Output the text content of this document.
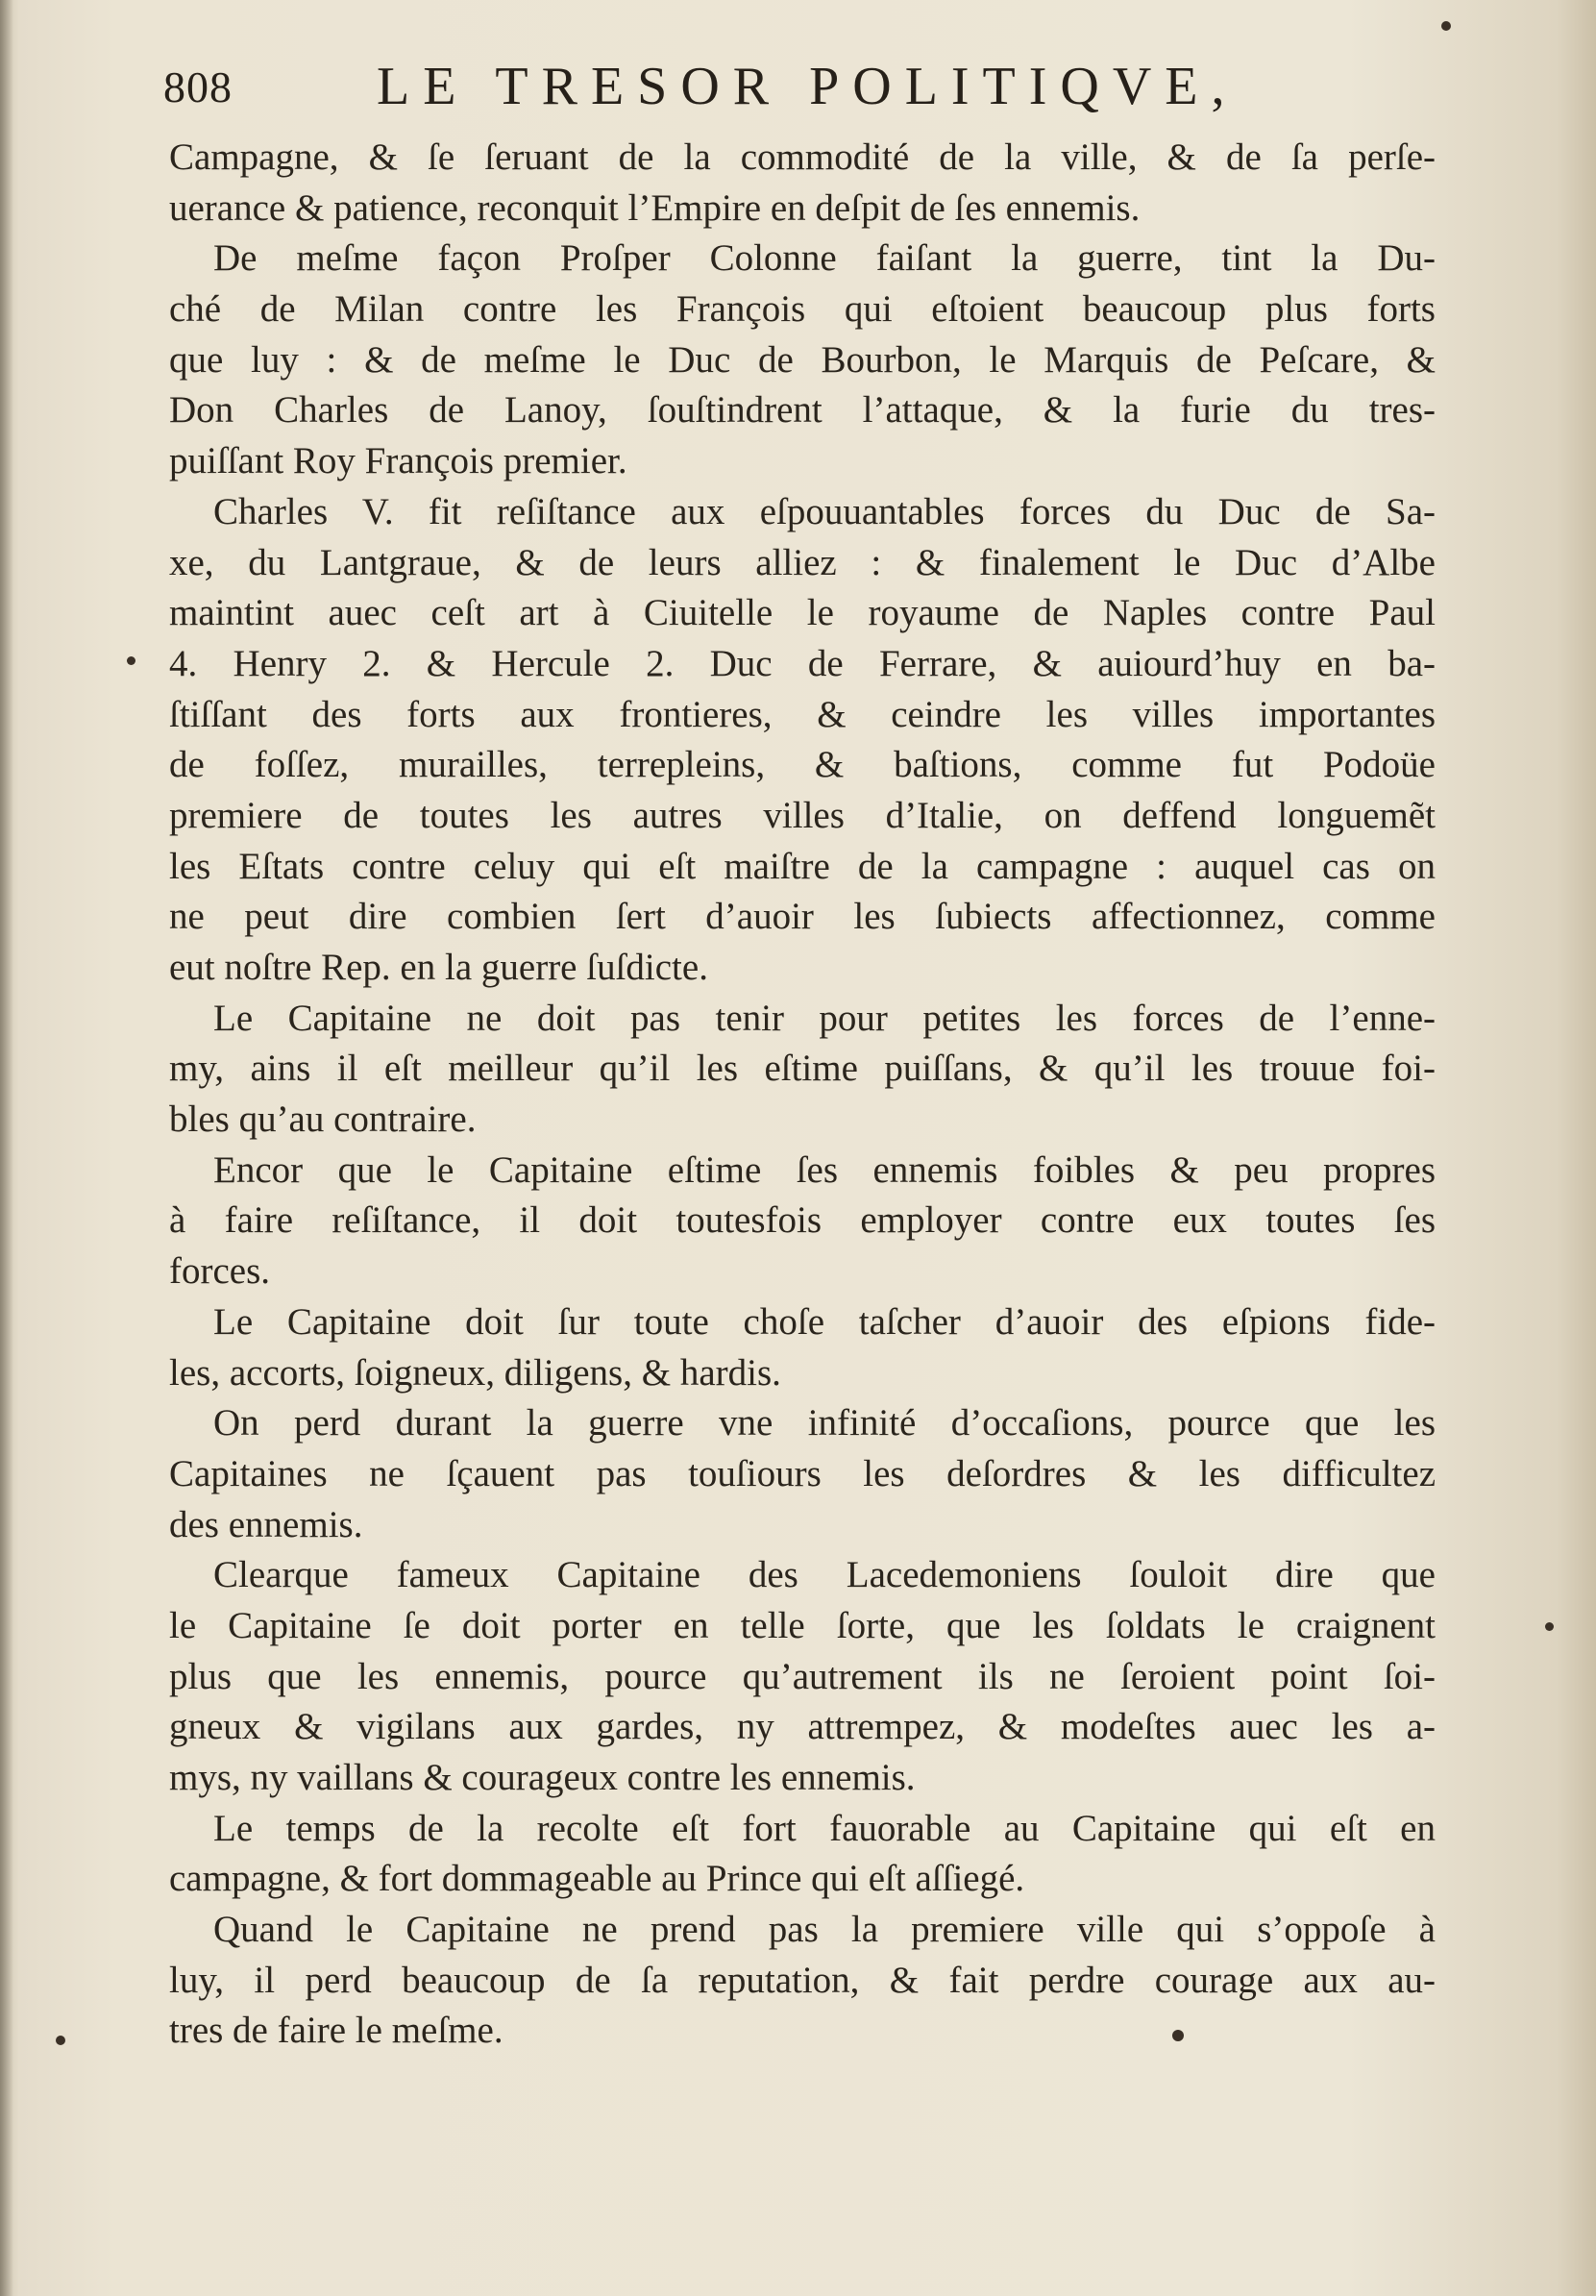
808	LE TRESOR POLITIQVE,
Campagne, & ſe ſeruant de la commodité de la ville, & de ſa perſe-
uerance & patience, reconquit l’Empire en deſpit de ſes ennemis.
De meſme façon Proſper Colonne faiſant la guerre, tint la Du-
ché de Milan contre les François qui eſtoient beaucoup plus forts
que luy : & de meſme le Duc de Bourbon, le Marquis de Peſcare, &
Don Charles de Lanoy, ſouſtindrent l’attaque, & la furie du tres-
puiſſant Roy François premier.
Charles V. fit reſiſtance aux eſpouuantables forces du Duc de Sa-
xe, du Lantgraue, & de leurs alliez : & finalement le Duc d’Albe
maintint auec ceſt art à Ciuitelle le royaume de Naples contre Paul
4. Henry 2. & Hercule 2. Duc de Ferrare, & auiourd’huy en ba-
ſtiſſant des forts aux frontieres, & ceindre les villes importantes
de foſſez, murailles, terrepleins, & baſtions, comme fut Podoüe
premiere de toutes les autres villes d’Italie, on deffend longuemẽt
les Eſtats contre celuy qui eſt maiſtre de la campagne : auquel cas on
ne peut dire combien ſert d’auoir les ſubiects affectionnez, comme
eut noſtre Rep. en la guerre ſuſdicte.
Le Capitaine ne doit pas tenir pour petites les forces de l’enne-
my, ains il eſt meilleur qu’il les eſtime puiſſans, & qu’il les trouue foi-
bles qu’au contraire.
Encor que le Capitaine eſtime ſes ennemis foibles & peu propres
à faire reſiſtance, il doit toutesfois employer contre eux toutes ſes
forces.
Le Capitaine doit ſur toute choſe taſcher d’auoir des eſpions fide-
les, accorts, ſoigneux, diligens, & hardis.
On perd durant la guerre vne infinité d’occaſions, pource que les
Capitaines ne ſçauent pas touſiours les deſordres & les difficultez
des ennemis.
Clearque fameux Capitaine des Lacedemoniens ſouloit dire que
le Capitaine ſe doit porter en telle ſorte, que les ſoldats le craignent
plus que les ennemis, pource qu’autrement ils ne ſeroient point ſoi-
gneux & vigilans aux gardes, ny attrempez, & modeſtes auec les a-
mys, ny vaillans & courageux contre les ennemis.
Le temps de la recolte eſt fort fauorable au Capitaine qui eſt en
campagne, & fort dommageable au Prince qui eſt aſſiegé.
Quand le Capitaine ne prend pas la premiere ville qui s’oppoſe à
luy, il perd beaucoup de ſa reputation, & fait perdre courage aux au-
tres de faire le meſme.
